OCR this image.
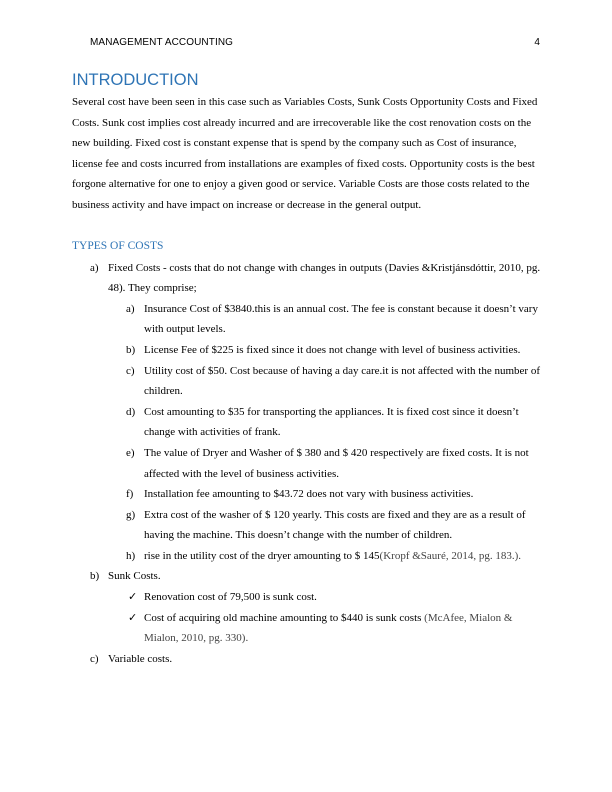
MANAGEMENT ACCOUNTING	4
INTRODUCTION

Several cost have been seen in this case such as Variables Costs, Sunk Costs Opportunity Costs and Fixed Costs. Sunk cost implies cost already incurred and are irrecoverable like the cost renovation costs on the new building. Fixed cost is constant expense that is spend by the company such as Cost of insurance, license fee and costs incurred from installations are examples of fixed costs. Opportunity costs is the best forgone alternative for one to enjoy a given good or service. Variable Costs are those costs related to the business activity and have impact on increase or decrease in the general output.

TYPES OF COSTS
a) Fixed Costs - costs that do not change with changes in outputs (Davies &Kristjánsdóttir, 2010, pg. 48). They comprise;
a) Insurance Cost of $3840.this is an annual cost. The fee is constant because it doesn’t vary with output levels.
b) License Fee of $225 is fixed since it does not change with level of business activities.
c) Utility cost of $50. Cost because of having a day care.it is not affected with the number of children.
d) Cost amounting to $35 for transporting the appliances. It is fixed cost since it doesn’t change with activities of frank.
e) The value of Dryer and Washer of $ 380 and $ 420 respectively are fixed costs. It is not affected with the level of business activities.
f) Installation fee amounting to $43.72 does not vary with business activities.
g) Extra cost of the washer of $ 120 yearly. This costs are fixed and they are as a result of having the machine. This doesn’t change with the number of children.
h) rise in the utility cost of the dryer amounting to $ 145(Kropf &Sauré, 2014, pg. 183.).
b) Sunk Costs.
✓ Renovation cost of 79,500 is sunk cost.
✓ Cost of acquiring old machine amounting to $440 is sunk costs (McAfee, Mialon & Mialon, 2010, pg. 330).
c) Variable costs.
